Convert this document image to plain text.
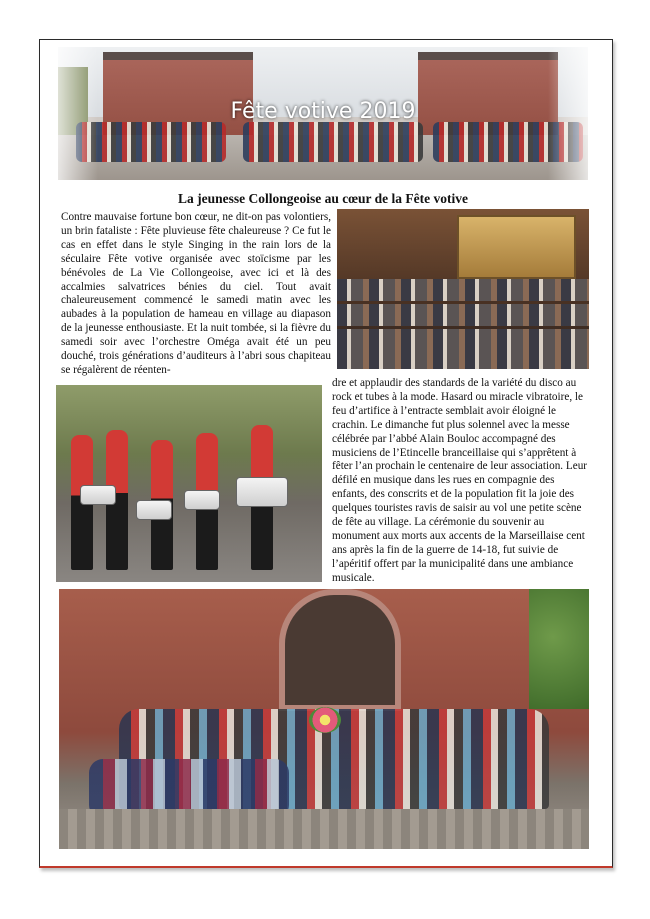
Fête votive 2019
La jeunesse Collongeoise au cœur de la Fête votive
Contre mauvaise fortune bon cœur, ne dit-on pas volontiers, un brin fataliste : Fête pluvieuse fête chaleureuse ? Ce fut le cas en effet dans le style Singing in the rain lors de la séculaire Fête votive organisée avec stoïcisme par les bénévoles de La Vie Collongeoise, avec ici et là des accalmies salvatrices bénies du ciel. Tout avait chaleureusement commencé le samedi matin avec les aubades à la population de hameau en village au diapason de la jeunesse enthousiaste. Et la nuit tombée, si la fièvre du samedi soir avec l’orchestre Oméga avait été un peu douché, trois générations d’auditeurs à l’abri sous chapiteau se régalèrent de réenten-
dre et applaudir des standards de la variété du disco au rock et tubes à la mode. Hasard ou miracle vibratoire, le feu d’artifice à l’entracte semblait avoir éloigné le crachin. Le dimanche fut plus solennel avec la messe célébrée par l’abbé Alain Bouloc accompagné des musiciens de l’Etincelle branceillaise qui s’apprêtent à fêter l’an prochain le centenaire de leur association. Leur défilé en musique dans les rues en compagnie des enfants, des conscrits et de la population fit la joie des quelques touristes ravis de saisir au vol une petite scène de fête au village. La cérémonie du souvenir au monument aux morts aux accents de la Marseillaise cent ans après la fin de la guerre de 14-18, fut suivie de l’apéritif offert par la municipalité dans une ambiance musicale.
